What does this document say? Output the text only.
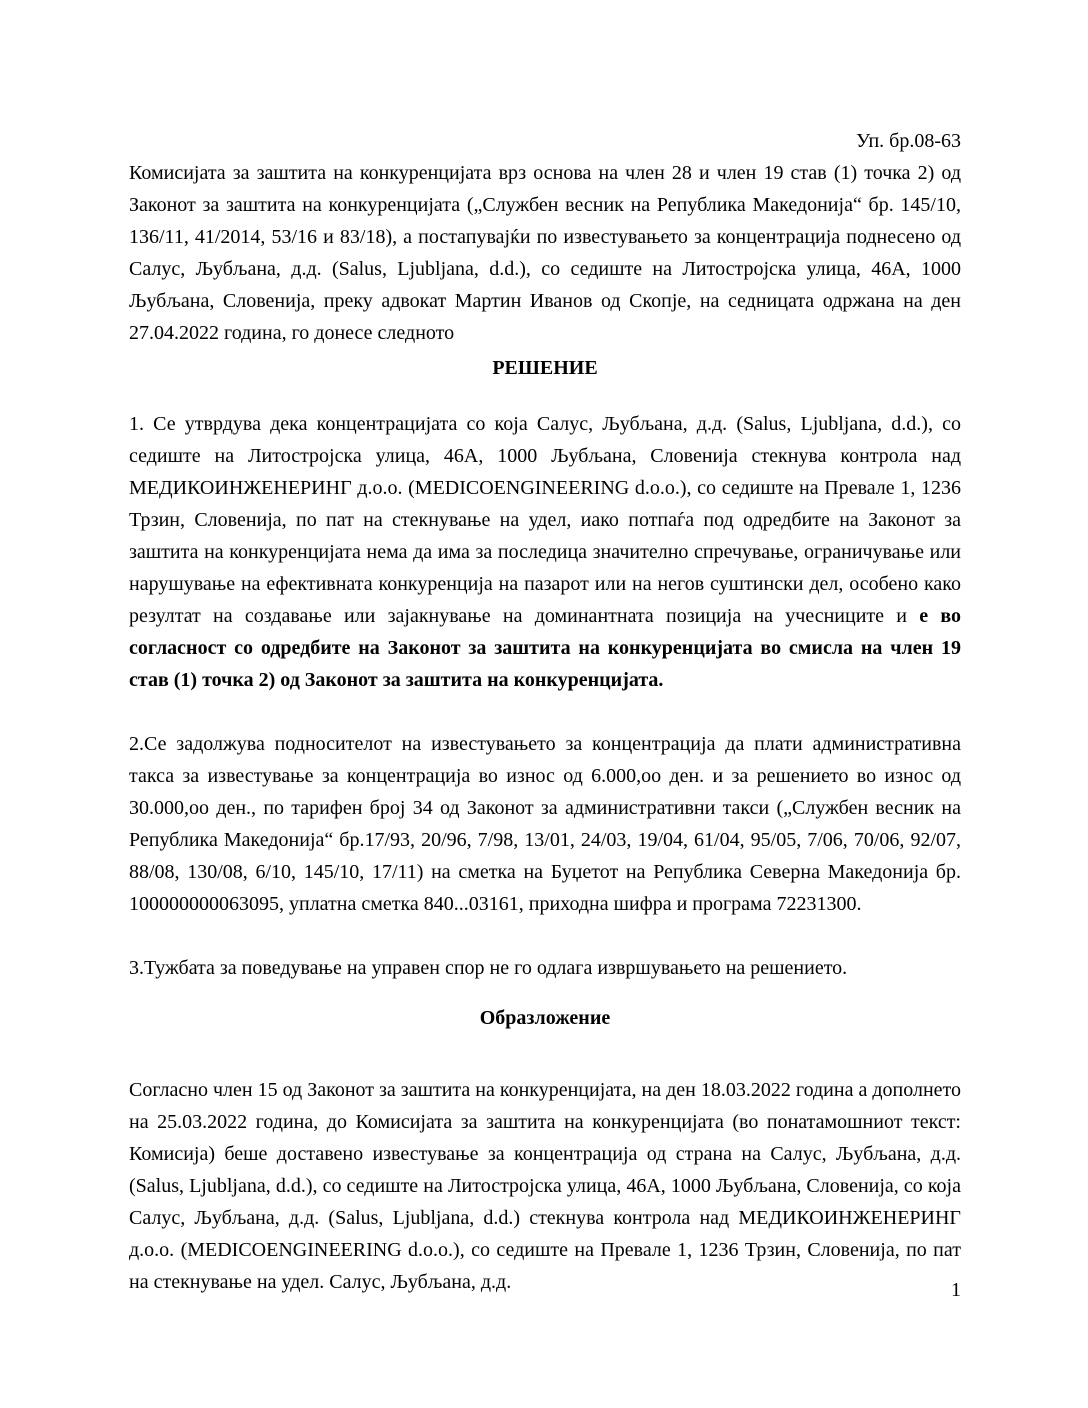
Уп. бр.08-63

Комисијата за заштита на конкуренцијата врз основа на член 28 и член 19 став (1) точка 2) од Законот за заштита на конкуренцијата („Службен весник на Република Македонија“ бр. 145/10, 136/11, 41/2014, 53/16 и 83/18), а постапувајќи по известувањето за концентрација поднесено од Салус, Љубљана, д.д. (Salus, Ljubljana, d.d.), со седиште на Литостројска улица, 46А, 1000 Љубљана, Словенија, преку адвокат Мартин Иванов од Скопје, на седницата одржана на ден 27.04.2022 година, го донесе следното

РЕШЕНИЕ

1. Се утврдува дека концентрацијата со која Салус, Љубљана, д.д. (Salus, Ljubljana, d.d.), со седиште на Литостројска улица, 46А, 1000 Љубљана, Словенија стекнува контрола над МЕДИКОИНЖЕНЕРИНГ д.о.о. (MEDICOENGINEERING d.o.o.), со седиште на Превале 1, 1236 Трзин, Словенија, по пат на стекнување на удел, иако потпаѓа под одредбите на Законот за заштита на конкуренцијата нема да има за последица значително спречување, ограничување или нарушување на ефективната конкуренција на пазарот или на негов суштински дел, особено како резултат на создавање или зајакнување на доминантната позиција на учесниците и е во согласност со одредбите на Законот за заштита на конкуренцијата во смисла на член 19 став (1) точка 2) од Законот за заштита на конкуренцијата.

2.Се задолжува подносителот на известувањето за концентрација да плати административна такса за известување за концентрација во износ од 6.000,оо ден. и за решението во износ од 30.000,оо ден., по тарифен број 34 од Законот за административни такси („Службен весник на Република Македонија“ бр.17/93, 20/96, 7/98, 13/01, 24/03, 19/04, 61/04, 95/05, 7/06, 70/06, 92/07, 88/08, 130/08, 6/10, 145/10, 17/11) на сметка на Буџетот на Република Северна Македонија бр. 100000000063095, уплатна сметка 840...03161, приходна шифра и програма 72231300.

3.Тужбата за поведување на управен спор не го одлага извршувањето на решението.

Образложение

Согласно член 15 од Законот за заштита на конкуренцијата, на ден 18.03.2022 година а дополнето на 25.03.2022 година, до Комисијата за заштита на конкуренцијата (во понатамошниот текст: Комисија) беше доставено известување за концентрација од страна на Салус, Љубљана, д.д. (Salus, Ljubljana, d.d.), со седиште на Литостројска улица, 46А, 1000 Љубљана, Словенија, со која Салус, Љубљана, д.д. (Salus, Ljubljana, d.d.) стекнува контрола над МЕДИКОИНЖЕНЕРИНГ д.о.о. (MEDICOENGINEERING d.o.o.), со седиште на Превале 1, 1236 Трзин, Словенија, по пат на стекнување на удел. Салус, Љубљана, д.д.	1
